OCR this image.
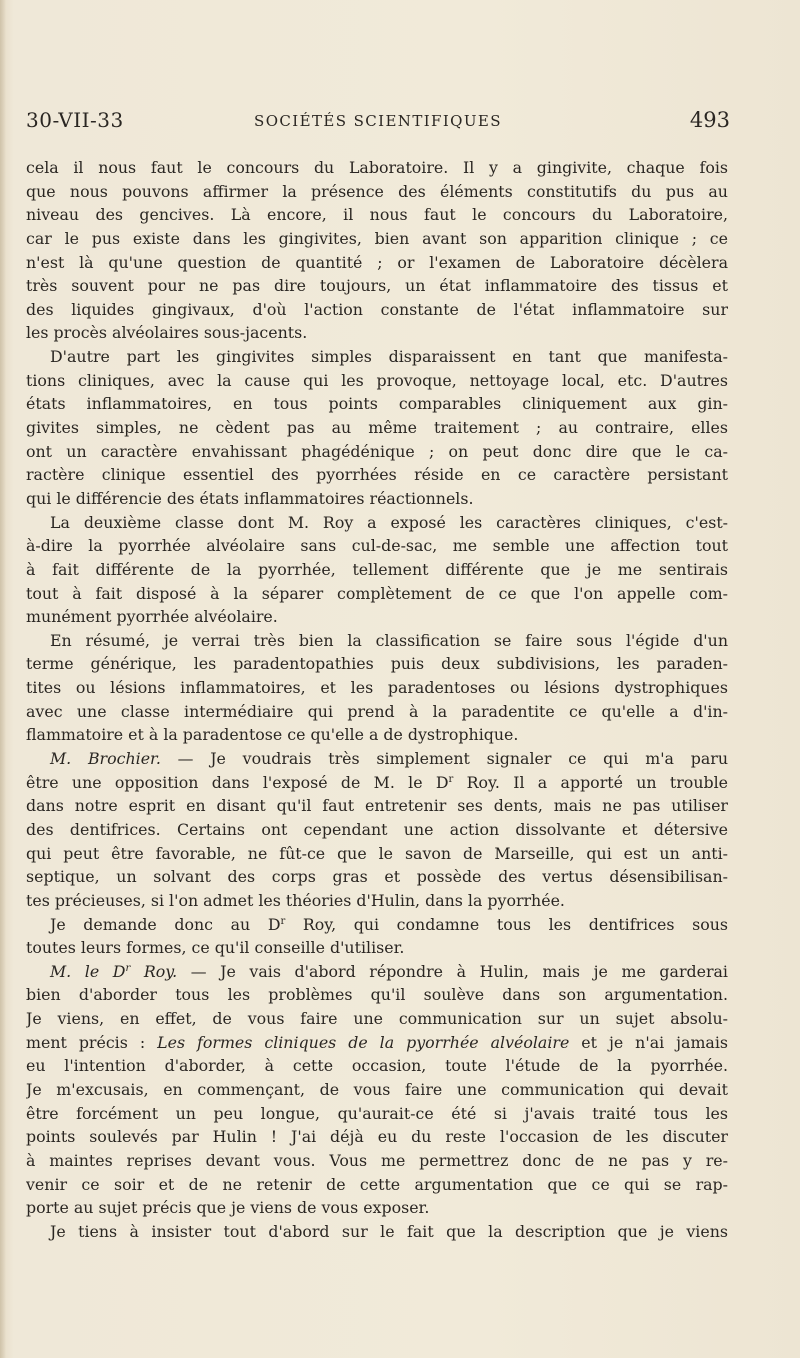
30-VII-33	SOCIÉTÉS SCIENTIFIQUES	493
cela il nous faut le concours du Laboratoire. Il y a gingivite, chaque fois
que nous pouvons affirmer la présence des éléments constitutifs du pus au
niveau des gencives. Là encore, il nous faut le concours du Laboratoire,
car le pus existe dans les gingivites, bien avant son apparition clinique ; ce
n'est là qu'une question de quantité ; or l'examen de Laboratoire décèlera
très souvent pour ne pas dire toujours, un état inflammatoire des tissus et
des liquides gingivaux, d'où l'action constante de l'état inflammatoire sur
les procès alvéolaires sous-jacents.
D'autre part les gingivites simples disparaissent en tant que manifesta-
tions cliniques, avec la cause qui les provoque, nettoyage local, etc. D'autres
états inflammatoires, en tous points comparables cliniquement aux gin-
givites simples, ne cèdent pas au même traitement ; au contraire, elles
ont un caractère envahissant phagédénique ; on peut donc dire que le ca-
ractère clinique essentiel des pyorrhées réside en ce caractère persistant
qui le différencie des états inflammatoires réactionnels.
La deuxième classe dont M. Roy a exposé les caractères cliniques, c'est-
à-dire la pyorrhée alvéolaire sans cul-de-sac, me semble une affection tout
à fait différente de la pyorrhée, tellement différente que je me sentirais
tout à fait disposé à la séparer complètement de ce que l'on appelle com-
munément pyorrhée alvéolaire.
En résumé, je verrai très bien la classification se faire sous l'égide d'un
terme générique, les paradentopathies puis deux subdivisions, les paraden-
tites ou lésions inflammatoires, et les paradentoses ou lésions dystrophiques
avec une classe intermédiaire qui prend à la paradentite ce qu'elle a d'in-
flammatoire et à la paradentose ce qu'elle a de dystrophique.
M. Brochier. — Je voudrais très simplement signaler ce qui m'a paru
être une opposition dans l'exposé de M. le $D^r$ Roy. Il a apporté un trouble
dans notre esprit en disant qu'il faut entretenir ses dents, mais ne pas utiliser
des dentifrices. Certains ont cependant une action dissolvante et détersive
qui peut être favorable, ne fût-ce que le savon de Marseille, qui est un anti-
septique, un solvant des corps gras et possède des vertus désensibilisan-
tes précieuses, si l'on admet les théories d'Hulin, dans la pyorrhée.
Je demande donc au $D^r$ Roy, qui condamne tous les dentifrices sous
toutes leurs formes, ce qu'il conseille d'utiliser.
M. le $D^r$ Roy. — Je vais d'abord répondre à Hulin, mais je me garderai
bien d'aborder tous les problèmes qu'il soulève dans son argumentation.
Je viens, en effet, de vous faire une communication sur un sujet absolu-
ment précis : Les formes cliniques de la pyorrhée alvéolaire et je n'ai jamais
eu l'intention d'aborder, à cette occasion, toute l'étude de la pyorrhée.
Je m'excusais, en commençant, de vous faire une communication qui devait
être forcément un peu longue, qu'aurait-ce été si j'avais traité tous les
points soulevés par Hulin ! J'ai déjà eu du reste l'occasion de les discuter
à maintes reprises devant vous. Vous me permettrez donc de ne pas y re-
venir ce soir et de ne retenir de cette argumentation que ce qui se rap-
porte au sujet précis que je viens de vous exposer.
Je tiens à insister tout d'abord sur le fait que la description que je viens
